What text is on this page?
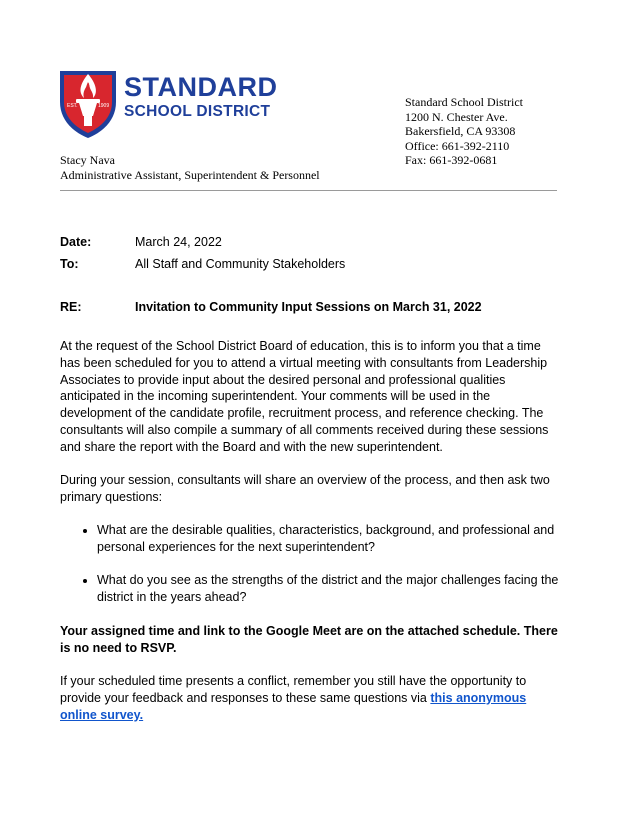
EST.	1909
STANDARD
SCHOOL DISTRICT
Standard School District
1200 N. Chester Ave.
Bakersfield, CA 93308
Office: 661-392-2110
Fax: 661-392-0681
Stacy Nava
Administrative Assistant, Superintendent & Personnel
Date:	March 24, 2022
To:	All Staff and Community Stakeholders
RE:	Invitation to Community Input Sessions on March 31, 2022

At the request of the School District Board of education, this is to inform you that a time has been scheduled for you to attend a virtual meeting with consultants from Leadership Associates to provide input about the desired personal and professional qualities anticipated in the incoming superintendent. Your comments will be used in the development of the candidate profile, recruitment process, and reference checking. The consultants will also compile a summary of all comments received during these sessions and share the report with the Board and with the new superintendent.

During your session, consultants will share an overview of the process, and then ask two primary questions:

• What are the desirable qualities, characteristics, background, and professional and personal experiences for the next superintendent?
• What do you see as the strengths of the district and the major challenges facing the district in the years ahead?

Your assigned time and link to the Google Meet are on the attached schedule. There is no need to RSVP.

If your scheduled time presents a conflict, remember you still have the opportunity to provide your feedback and responses to these same questions via this anonymous online survey.
